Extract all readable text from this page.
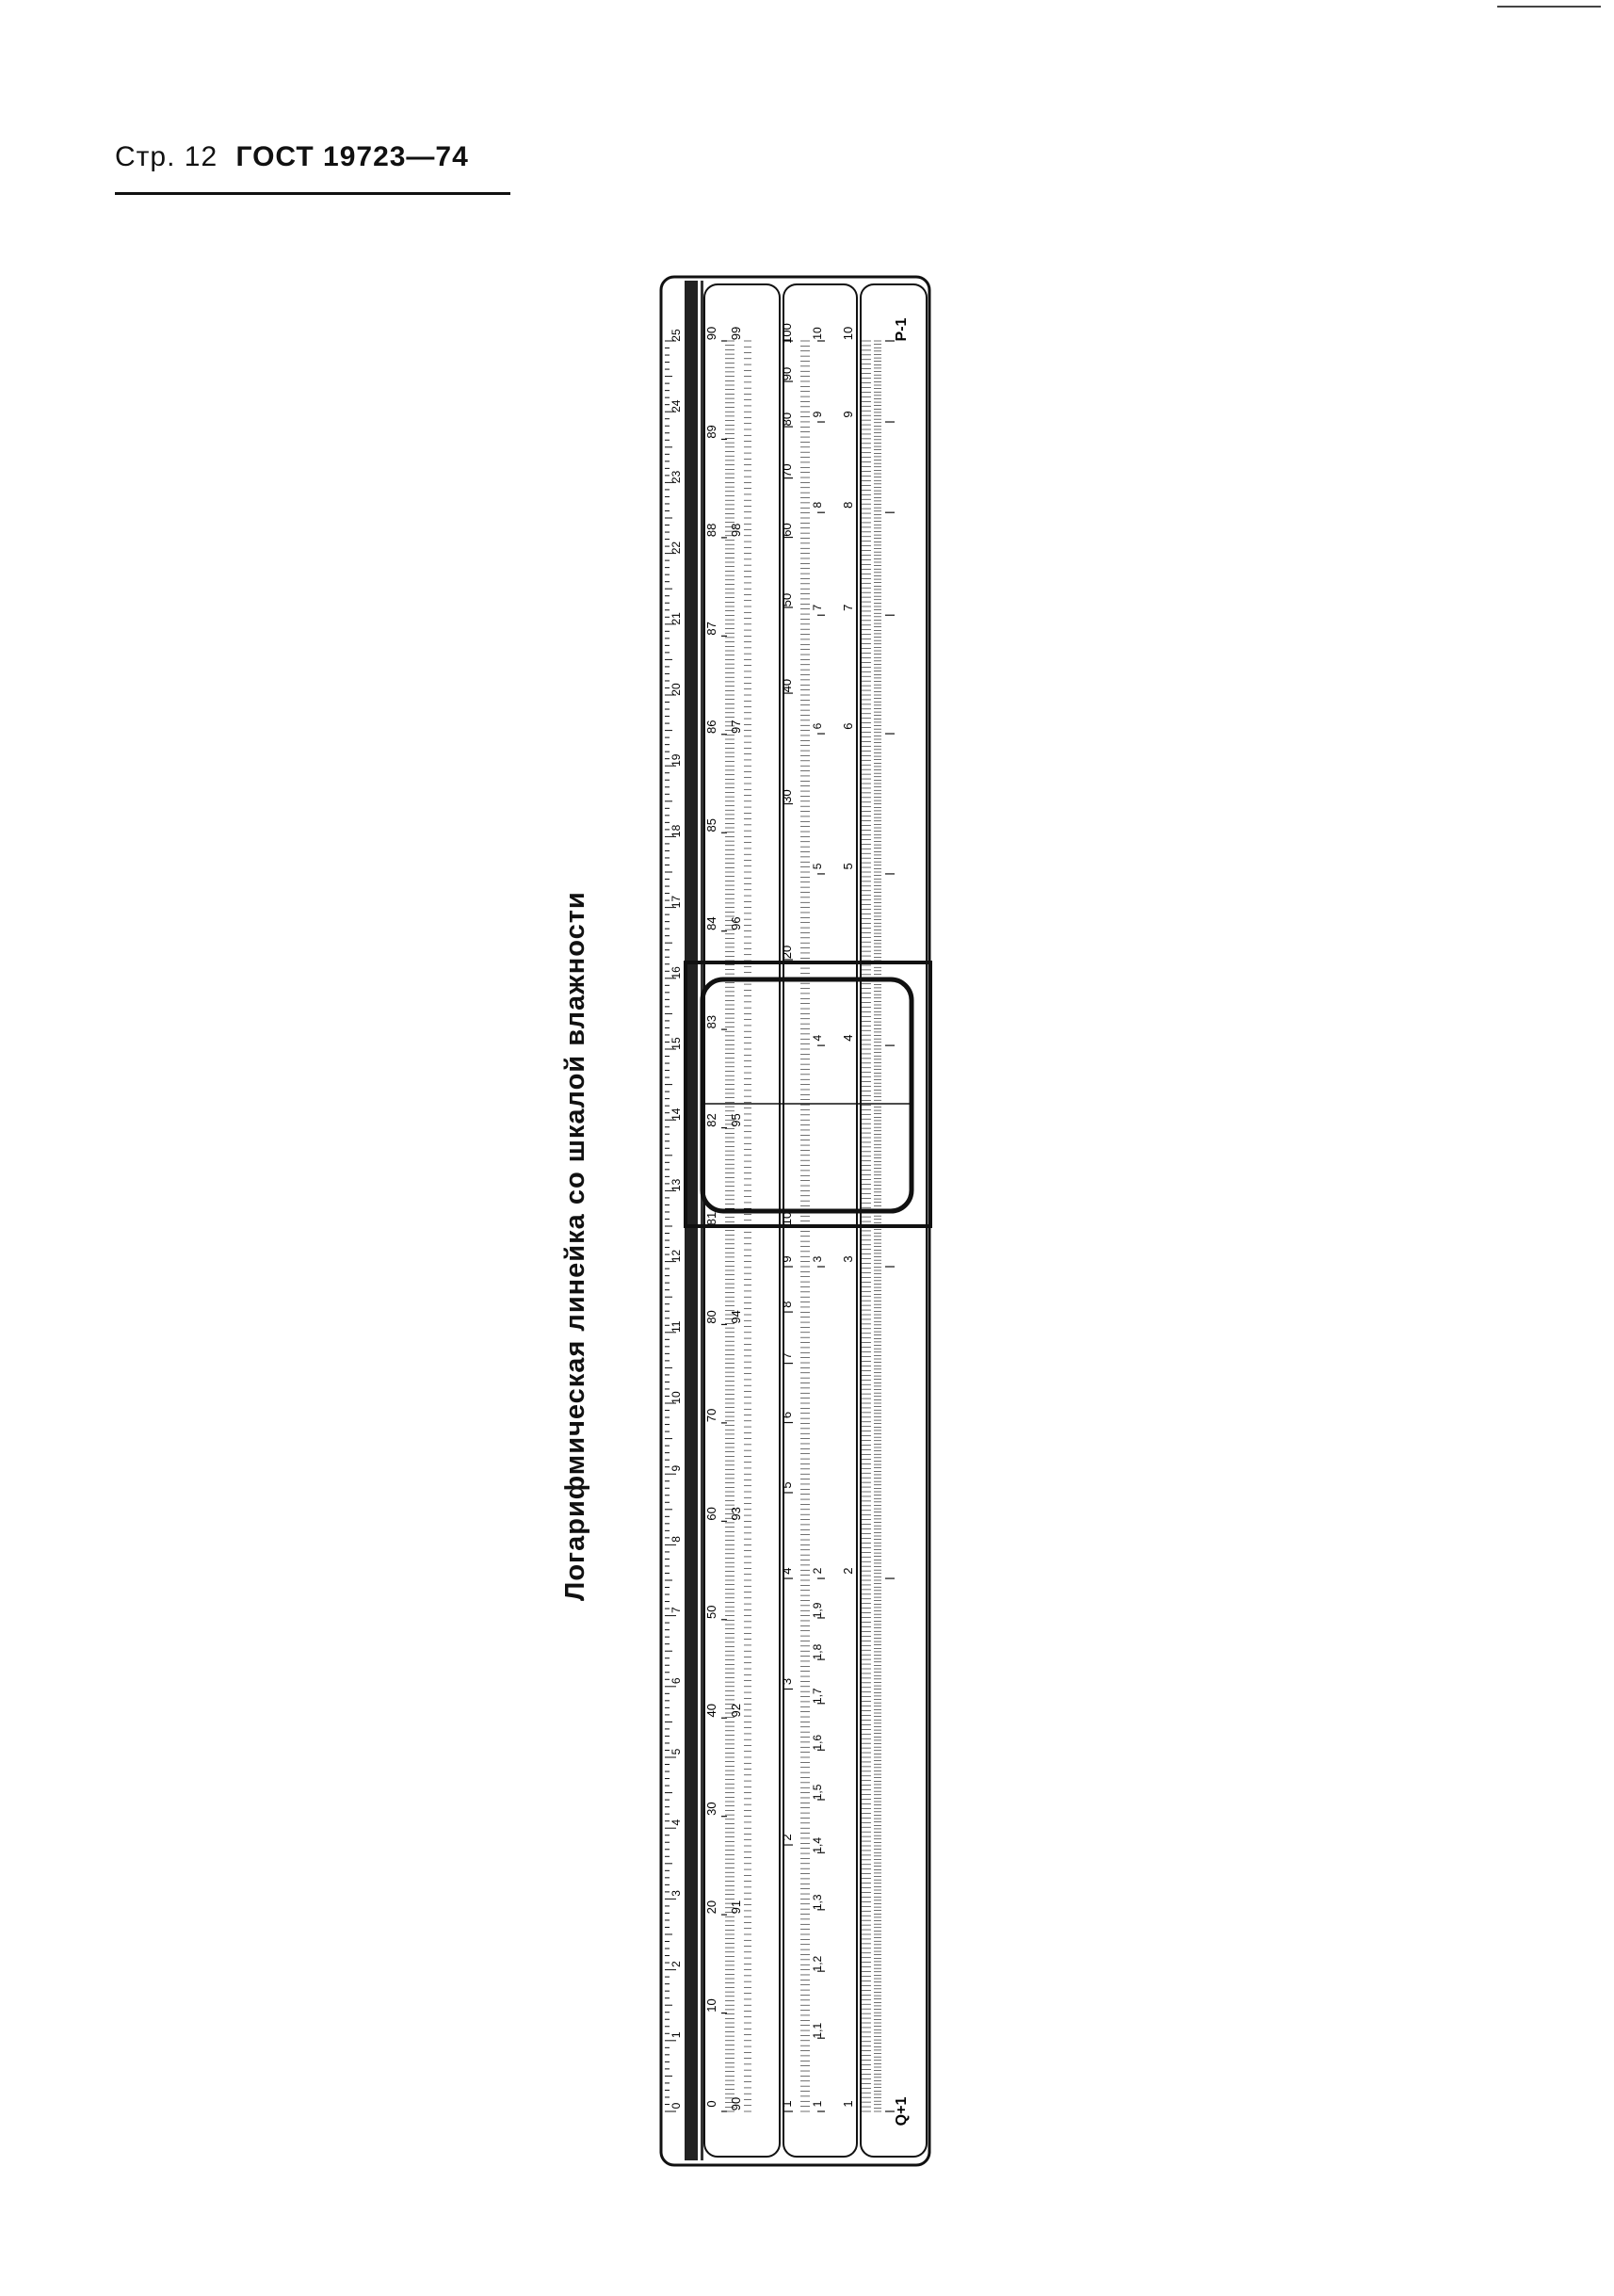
Стр. 12 ГОСТ 19723—74
Логарифмическая линейка со шкалой влажности
0
1
2
3
4
5
6
7
8
9
10
11
12
13
14
15
16
17
18
19
20
21
22
23
24
25
0
10
20
30
40
50
60
70
80
81
82
83
84
85
86
87
88
89
90
90
91
92
93
94
95
96
97
98
99
1
2
3
4
5
6
7
8
9
10
20
30
40
50
60
70
80
90
100
1
1,1
1,2
1,3
1,4
1,5
1,6
1,7
1,8
1,9
2
3
4
5
6
7
8
9
10
1
2
3
4
5
6
7
8
9
10	P-1
Q+1
